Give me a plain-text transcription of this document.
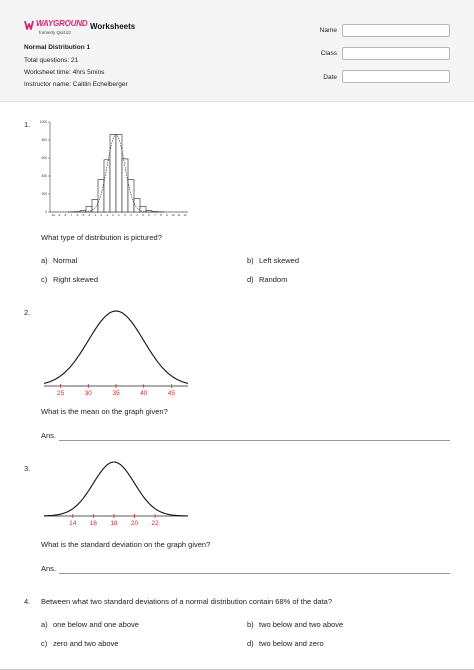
WAYGROUND
formerly Quizizz
Worksheets
Normal Distribution 1
Total questions: 21
Worksheet time: 4hrs 5mins
Instructor name: Caitlin Echelberger
Name
Class
Date
1.
0
200
400
600
800
1000
-10 -9 -8 -7 -6 -5 -4 -3 -2 -1 0 1 2 3 4 5 6 7 8 9 10 11 12
What type of distribution is pictured?
a) Normal	b) Left skewed
c) Right skewed	d) Random
2.
25	30	35	40	45
What is the mean on the graph given?
Ans.
3.
14 16 18 20 22
What is the standard deviation on the graph given?
Ans.
4. Between what two standard deviations of a normal distribution contain 68% of the data?
a) one below and one above	b) two below and two above
c) zero and two above	d) two below and zero
